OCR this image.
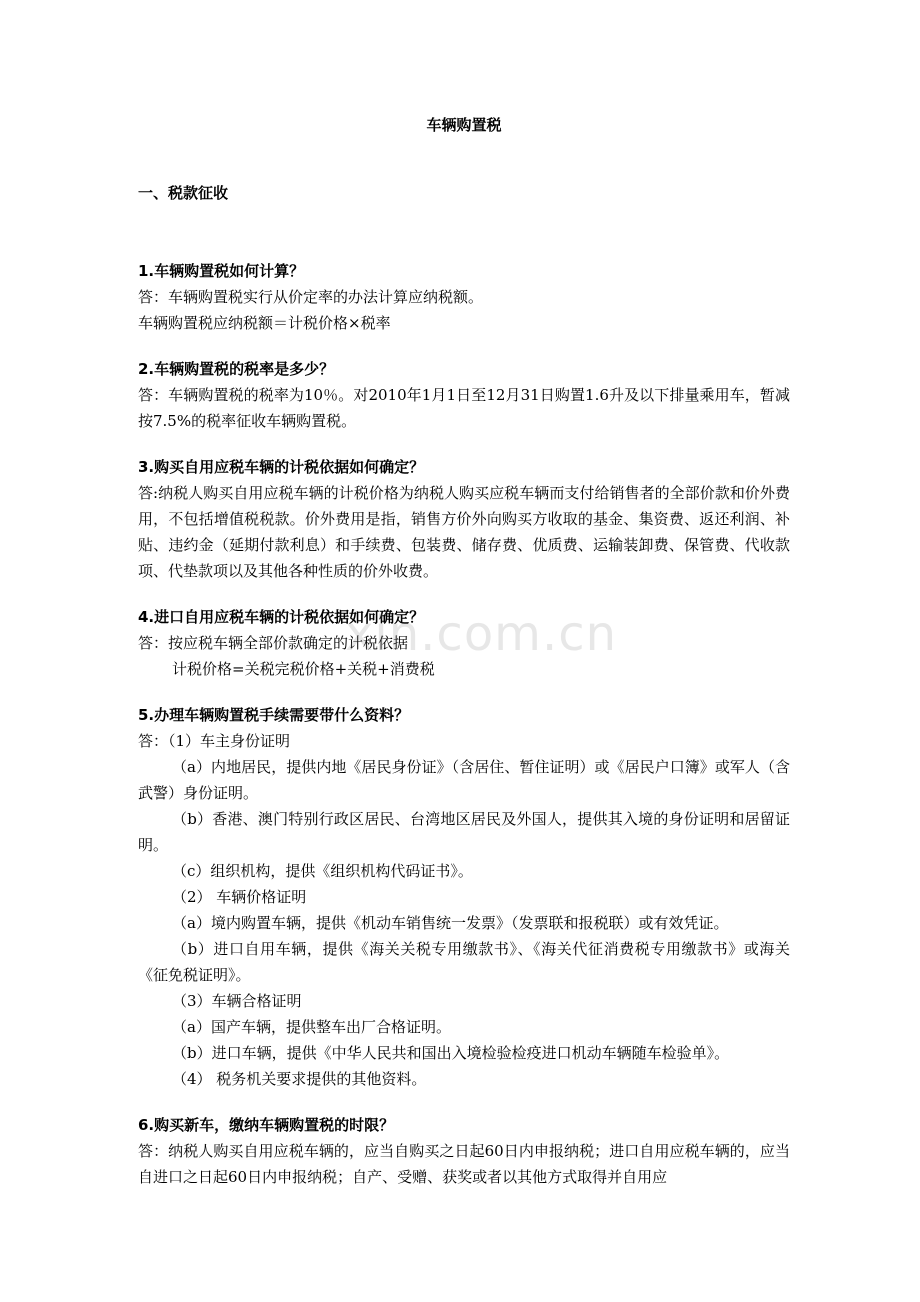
车辆购置税
一、税款征收
1.车辆购置税如何计算？
答：车辆购置税实行从价定率的办法计算应纳税额。
车辆购置税应纳税额＝计税价格×税率
2.车辆购置税的税率是多少？
答：车辆购置税的税率为10％。对2010年1月1日至12月31日购置1.6升及以下排量乘用车，暂减按7.5%的税率征收车辆购置税。
3.购买自用应税车辆的计税依据如何确定？
答:纳税人购买自用应税车辆的计税价格为纳税人购买应税车辆而支付给销售者的全部价款和价外费用，不包括增值税税款。价外费用是指，销售方价外向购买方收取的基金、集资费、返还利润、补贴、违约金（延期付款利息）和手续费、包装费、储存费、优质费、运输装卸费、保管费、代收款项、代垫款项以及其他各种性质的价外收费。
4.进口自用应税车辆的计税依据如何确定？
答：按应税车辆全部价款确定的计税依据
计税价格=关税完税价格+关税+消费税
5.办理车辆购置税手续需要带什么资料？
答：（1）车主身份证明
（a）内地居民，提供内地《居民身份证》（含居住、暂住证明）或《居民户口簿》或军人（含武警）身份证明。
（b）香港、澳门特别行政区居民、台湾地区居民及外国人，提供其入境的身份证明和居留证明。
（c）组织机构，提供《组织机构代码证书》。
（2） 车辆价格证明
（a）境内购置车辆，提供《机动车销售统一发票》（发票联和报税联）或有效凭证。
（b）进口自用车辆，提供《海关关税专用缴款书》、《海关代征消费税专用缴款书》或海关《征免税证明》。
（3）车辆合格证明
（a）国产车辆，提供整车出厂合格证明。
（b）进口车辆，提供《中华人民共和国出入境检验检疫进口机动车辆随车检验单》。
（4） 税务机关要求提供的其他资料。
6.购买新车，缴纳车辆购置税的时限？
答：纳税人购买自用应税车辆的，应当自购买之日起60日内申报纳税；进口自用应税车辆的，应当自进口之日起60日内申报纳税；自产、受赠、获奖或者以其他方式取得并自用应
xin.com.cn
